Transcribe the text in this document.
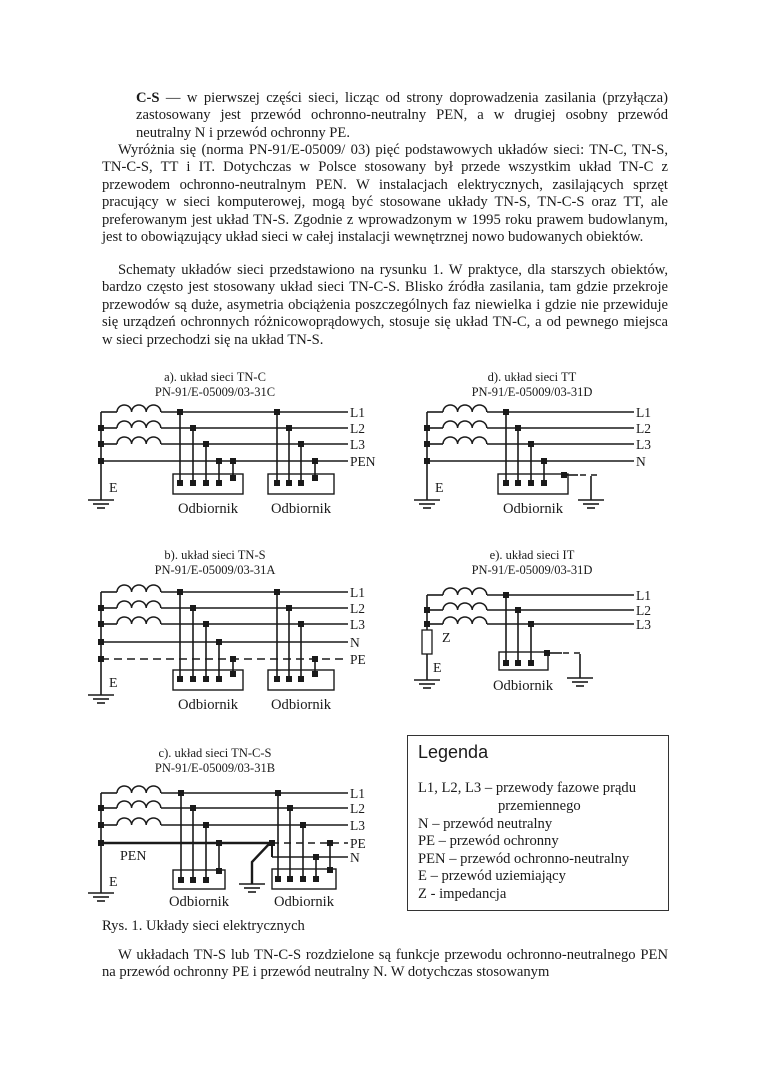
C-S — w pierwszej części sieci, licząc od strony doprowadzenia zasilania (przyłącza) zastosowany jest przewód ochronno-neutralny PEN, a w drugiej osobny przewód neutralny N i przewód ochronny PE.
Wyróżnia się (norma PN-91/E-05009/ 03) pięć podstawowych układów sieci: TN-C, TN-S, TN-C-S, TT i IT. Dotychczas w Polsce stosowany był przede wszystkim układ TN-C z przewodem ochronno-neutralnym PEN. W instalacjach elektrycznych, zasilających sprzęt pracujący w sieci komputerowej, mogą być stosowane układy TN-S, TN-C-S oraz TT, ale preferowanym jest układ TN-S. Zgodnie z wprowadzonym w 1995 roku prawem budowlanym, jest to obowiązujący układ sieci w całej instalacji wewnętrznej nowo budowanych obiektów.
Schematy układów sieci przedstawiono na rysunku 1. W praktyce, dla starszych obiektów, bardzo często jest stosowany układ sieci TN-C-S. Blisko źródła zasilania, tam gdzie przekroje przewodów są duże, asymetria obciążenia poszczególnych faz niewielka i gdzie nie przewiduje się urządzeń ochronnych różnicowoprądowych, stosuje się układ TN-C, a od pewnego miejsca w sieci przechodzi się na układ TN-S.
a). układ sieci TN-C
PN-91/E-05009/03-31C
L1
L2
L3
PEN
E
Odbiornik Odbiornik
b). układ sieci TN-S
PN-91/E-05009/03-31A
L1
L2
L3
N
PE
E
Odbiornik Odbiornik
d). układ sieci TT
PN-91/E-05009/03-31D
L1
L2
L3
N
E
Odbiornik
e). układ sieci IT
PN-91/E-05009/03-31D
L1
L2
L3
Z
E
Odbiornik
c). układ sieci TN-C-S
PN-91/E-05009/03-31B
L1
L2
L3
PEN
PE
N
E
Odbiornik	Odbiornik
Legenda
L1, L2, L3 – przewody fazowe prądu
przemiennego
N – przewód neutralny
PE – przewód ochronny
PEN – przewód ochronno-neutralny
E – przewód uziemiający
Z - impedancja
Rys. 1. Układy sieci elektrycznych
W układach TN-S lub TN-C-S rozdzielone są funkcje przewodu ochronno-neutralnego PEN na przewód ochronny PE i przewód neutralny N. W dotychczas stosowanym
